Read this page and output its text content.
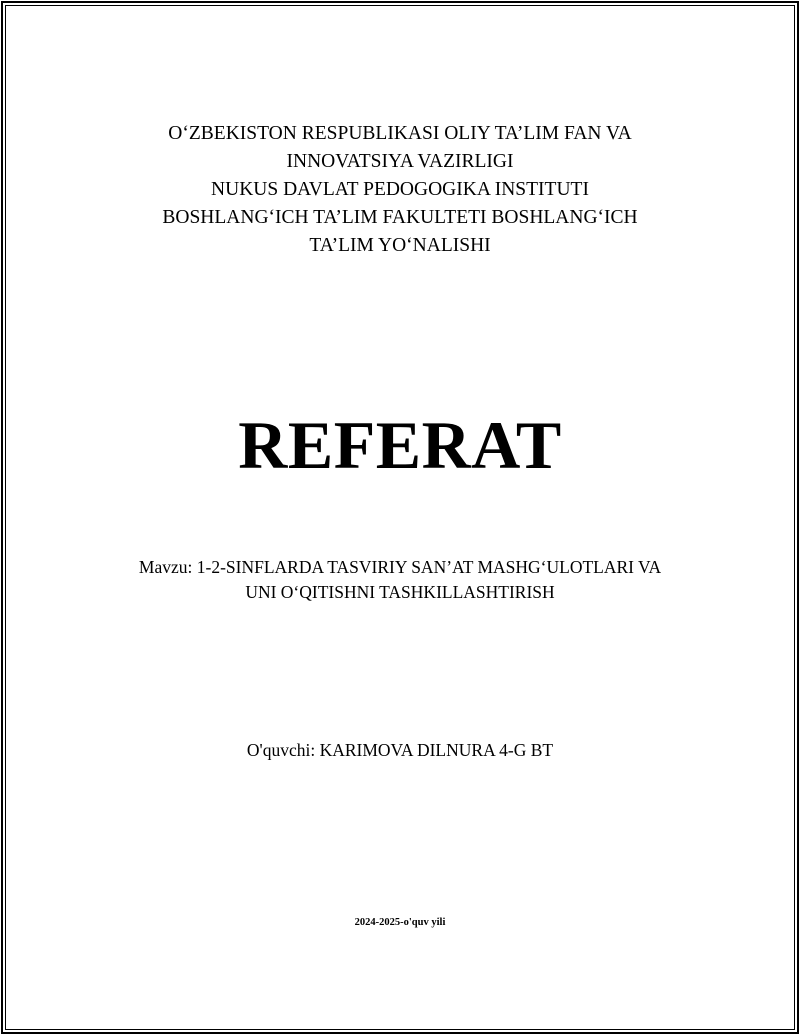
O‘ZBEKISTON RESPUBLIKASI OLIY TA’LIM FAN VA
INNOVATSIYA VAZIRLIGI
NUKUS DAVLAT PEDOGOGIKA INSTITUTI
BOSHLANG‘ICH TA’LIM FAKULTETI BOSHLANG‘ICH
TA’LIM YO‘NALISHI
REFERAT
Mavzu: 1-2-SINFLARDA TASVIRIY SAN’AT MASHG‘ULOTLARI VA
UNI O‘QITISHNI TASHKILLASHTIRISH
O'quvchi: KARIMOVA DILNURA 4-G BT
2024-2025-o'quv yili
